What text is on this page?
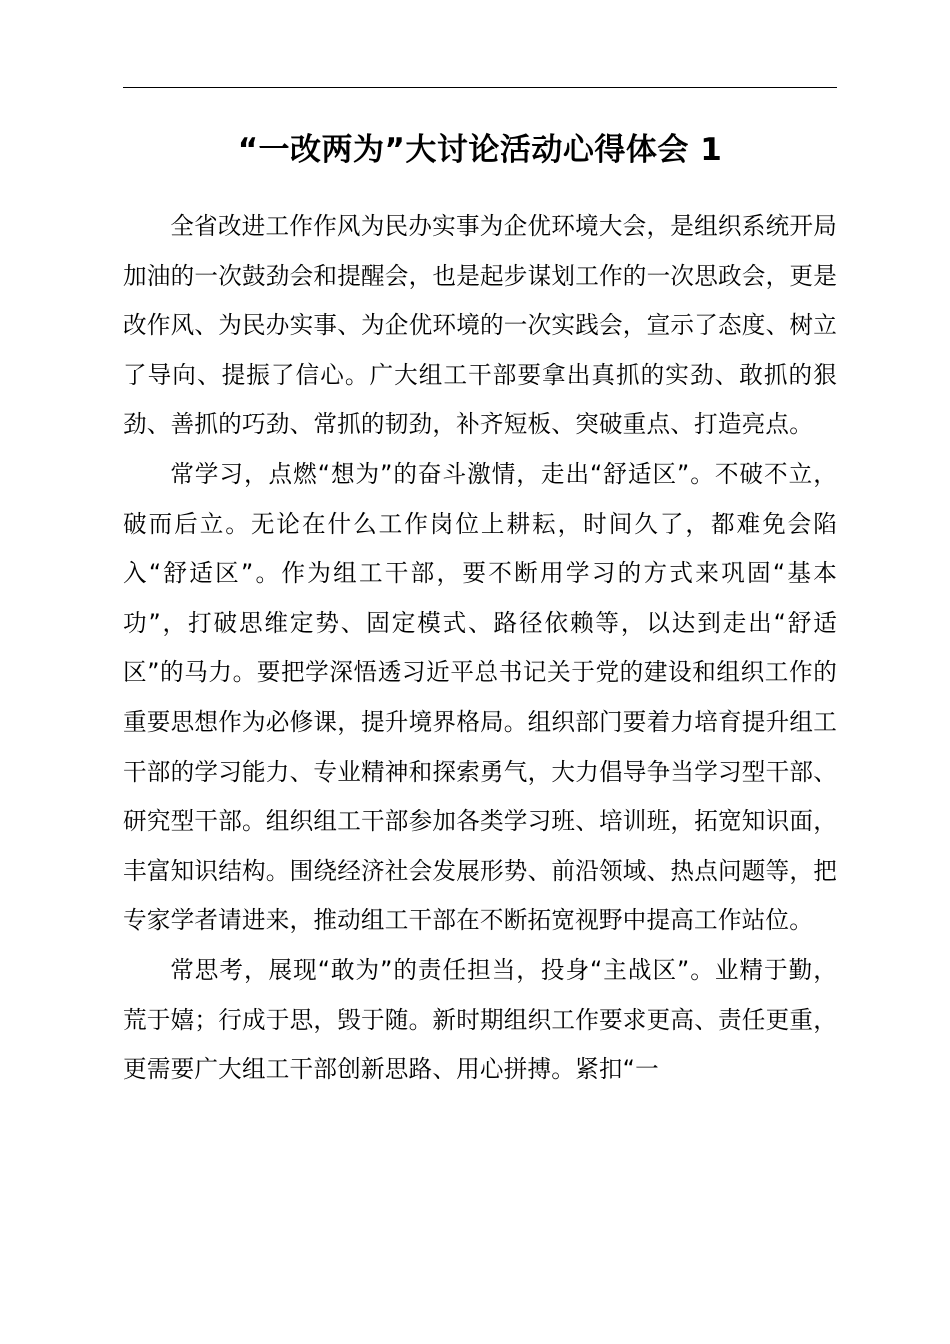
“一改两为”大讨论活动心得体会 1

全省改进工作作风为民办实事为企优环境大会，是组织系统开局加油的一次鼓劲会和提醒会，也是起步谋划工作的一次思政会，更是改作风、为民办实事、为企优环境的一次实践会，宣示了态度、树立了导向、提振了信心。广大组工干部要拿出真抓的实劲、敢抓的狠劲、善抓的巧劲、常抓的韧劲，补齐短板、突破重点、打造亮点。

常学习，点燃“想为”的奋斗激情，走出“舒适区”。不破不立，破而后立。无论在什么工作岗位上耕耘，时间久了，都难免会陷入“舒适区”。作为组工干部，要不断用学习的方式来巩固“基本功”，打破思维定势、固定模式、路径依赖等，以达到走出“舒适区”的马力。要把学深悟透习近平总书记关于党的建设和组织工作的重要思想作为必修课，提升境界格局。组织部门要着力培育提升组工干部的学习能力、专业精神和探索勇气，大力倡导争当学习型干部、研究型干部。组织组工干部参加各类学习班、培训班，拓宽知识面，丰富知识结构。围绕经济社会发展形势、前沿领域、热点问题等，把专家学者请进来，推动组工干部在不断拓宽视野中提高工作站位。

常思考，展现“敢为”的责任担当，投身“主战区”。业精于勤，荒于嬉；行成于思，毁于随。新时期组织工作要求更高、责任更重，更需要广大组工干部创新思路、用心拼搏。紧扣“一
